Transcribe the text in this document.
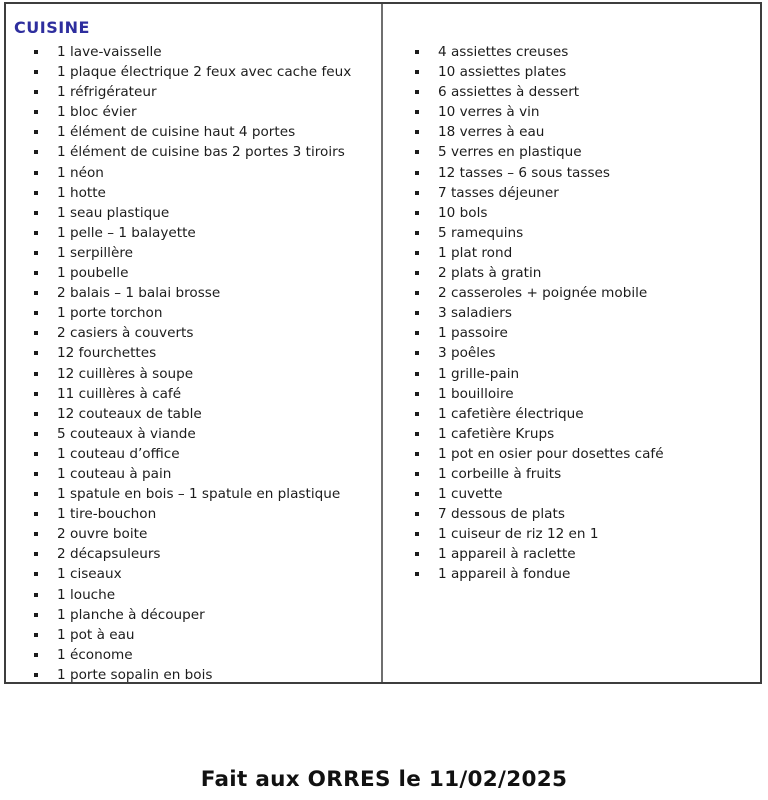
CUISINE
1 lave-vaisselle
1 plaque électrique 2 feux avec cache feux
1 réfrigérateur
1 bloc évier
1 élément de cuisine haut 4 portes
1 élément de cuisine bas 2 portes 3 tiroirs
1 néon
1 hotte
1 seau plastique
1 pelle – 1 balayette
1 serpillère
1 poubelle
2 balais – 1 balai brosse
1 porte torchon
2 casiers à couverts
12 fourchettes
12 cuillères à soupe
11 cuillères à café
12 couteaux de table
5 couteaux à viande
1 couteau d’office
1 couteau à pain
1 spatule en bois – 1 spatule en plastique
1 tire-bouchon
2 ouvre boite
2 décapsuleurs
1 ciseaux
1 louche
1 planche à découper
1 pot à eau
1 économe
1 porte sopalin en bois
4 assiettes creuses
10 assiettes plates
6 assiettes à dessert
10 verres à vin
18 verres à eau
5 verres en plastique
12 tasses – 6 sous tasses
7 tasses déjeuner
10 bols
5 ramequins
1 plat rond
2 plats à gratin
2 casseroles + poignée mobile
3 saladiers
1 passoire
3 poêles
1 grille-pain
1 bouilloire
1 cafetière électrique
1 cafetière Krups
1 pot en osier pour dosettes café
1 corbeille à fruits
1 cuvette
7 dessous de plats
1 cuiseur de riz 12 en 1
1 appareil à raclette
1 appareil à fondue
Fait aux ORRES le 11/02/2025
